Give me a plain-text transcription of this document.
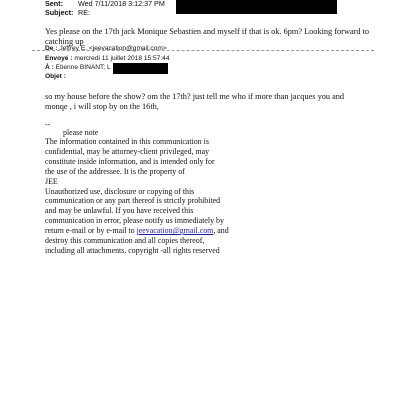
Sent: Wed 7/11/2018 3:12:37 PM
Subject: RE:
Yes please on the 17th jack Monique Sebastien and myself if that is ok. 6pm? Looking forward to
catching up
De : Jeffrey E. <jeevacation@gmail.com>
Envoyé : mercredi 11 juillet 2018 15:57:44
À : Etienne BINANT; L
Objet :
so my house before the show? om the 17th? just tell me who if more than jacques you and
monqe , i will stop by on the 16th,
--
please note
The information contained in this communication is
confidential, may be attorney-client privileged, may
constitute inside information, and is intended only for
the use of the addressee. It is the property of
JEE
Unauthorized use, disclosure or copying of this
communication or any part thereof is strictly prohibited
and may be unlawful. If you have received this
communication in error, please notify us immediately by
return e-mail or by e-mail to jeevacation@gmail.com, and
destroy this communication and all copies thereof,
including all attachments. copyright -all rights reserved
